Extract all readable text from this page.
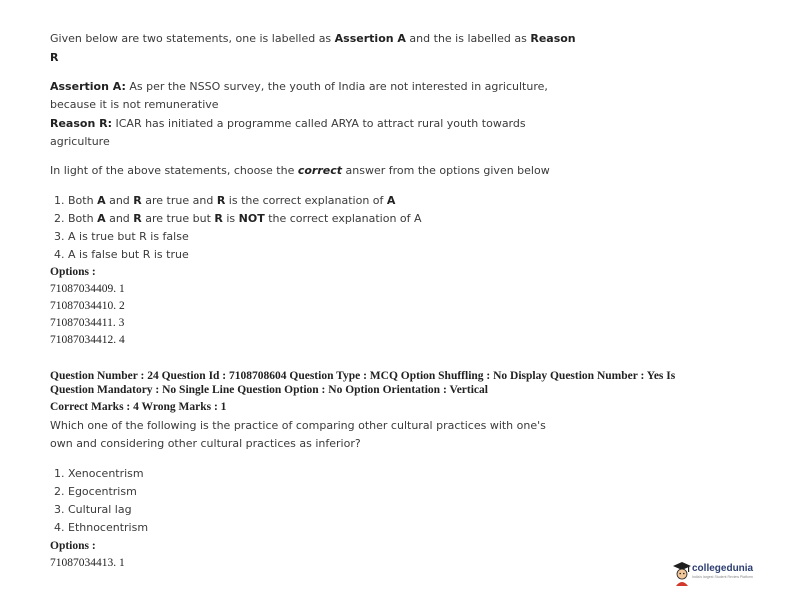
Given below are two statements, one is labelled as Assertion A and the is labelled as Reason
R
Assertion A: As per the NSSO survey, the youth of India are not interested in agriculture,
because it is not remunerative
Reason R: ICAR has initiated a programme called ARYA to attract rural youth towards
agriculture
In light of the above statements, choose the correct answer from the options given below
1. Both A and R are true and R is the correct explanation of A
2. Both A and R are true but R is NOT the correct explanation of A
3. A is true but R is false
4. A is false but R is true
Options :
71087034409. 1
71087034410. 2
71087034411. 3
71087034412. 4
Question Number : 24 Question Id : 7108708604 Question Type : MCQ Option Shuffling : No Display Question Number : Yes Is
Question Mandatory : No Single Line Question Option : No Option Orientation : Vertical
Correct Marks : 4 Wrong Marks : 1
Which one of the following is the practice of comparing other cultural practices with one's
own and considering other cultural practices as inferior?
1. Xenocentrism
2. Egocentrism
3. Cultural lag
4. Ethnocentrism
Options :
71087034413. 1	collegedunia
India's largest Student Review Platform
